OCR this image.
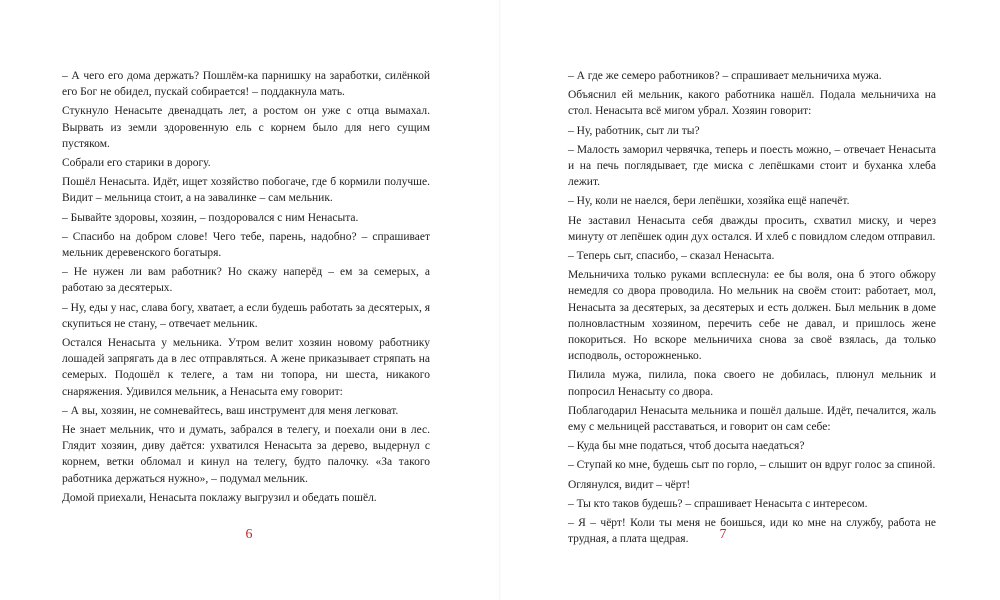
– А чего его дома держать? Пошлём-ка парнишку на заработки, силёнкой его Бог не обидел, пускай собирается! – поддакнула мать.

Стукнуло Ненасыте двенадцать лет, а ростом он уже с отца вымахал. Вырвать из земли здоровенную ель с корнем было для него сущим пустяком.

Собрали его старики в дорогу.

Пошёл Ненасыта. Идёт, ищет хозяйство побогаче, где б кормили получше. Видит – мельница стоит, а на завалинке – сам мельник.

– Бывайте здоровы, хозяин, – поздоровался с ним Ненасыта.

– Спасибо на добром слове! Чего тебе, парень, надобно? – спрашивает мельник деревенского богатыря.

– Не нужен ли вам работник? Но скажу наперёд – ем за семерых, а работаю за десятерых.

– Ну, еды у нас, слава богу, хватает, а если будешь работать за десятерых, я скупиться не стану, – отвечает мельник.

Остался Ненасыта у мельника. Утром велит хозяин новому работнику лошадей запрягать да в лес отправляться. А жене приказывает стряпать на семерых. Подошёл к телеге, а там ни топора, ни шеста, никакого снаряжения. Удивился мельник, а Ненасыта ему говорит:

– А вы, хозяин, не сомневайтесь, ваш инструмент для меня легковат.

Не знает мельник, что и думать, забрался в телегу, и поехали они в лес. Глядит хозяин, диву даётся: ухватился Ненасыта за дерево, выдернул с корнем, ветки обломал и кинул на телегу, будто палочку. «За такого работника держаться нужно», – подумал мельник.

Домой приехали, Ненасыта поклажу выгрузил и обедать пошёл.

6

– А где же семеро работников? – спрашивает мельничиха мужа.

Объяснил ей мельник, какого работника нашёл. Подала мельничиха на стол. Ненасыта всё мигом убрал. Хозяин говорит:

– Ну, работник, сыт ли ты?

– Малость заморил червячка, теперь и поесть можно, – отвечает Ненасыта и на печь поглядывает, где миска с лепёшками стоит и буханка хлеба лежит.

– Ну, коли не наелся, бери лепёшки, хозяйка ещё напечёт.

Не заставил Ненасыта себя дважды просить, схватил миску, и через минуту от лепёшек один дух остался. И хлеб с повидлом следом отправил.

– Теперь сыт, спасибо, – сказал Ненасыта.

Мельничиха только руками всплеснула: ее бы воля, она б этого обжору немедля со двора проводила. Но мельник на своём стоит: работает, мол, Ненасыта за десятерых, за десятерых и есть должен. Был мельник в доме полновластным хозяином, перечить себе не давал, и пришлось жене покориться. Но вскоре мельничиха снова за своё взялась, да только исподволь, осторожненько.

Пилила мужа, пилила, пока своего не добилась, плюнул мельник и попросил Ненасыту со двора.

Поблагодарил Ненасыта мельника и пошёл дальше. Идёт, печалится, жаль ему с мельницей расставаться, и говорит он сам себе:

– Куда бы мне податься, чтоб досыта наедаться?

– Ступай ко мне, будешь сыт по горло, – слышит он вдруг голос за спиной.

Оглянулся, видит – чёрт!

– Ты кто таков будешь? – спрашивает Ненасыта с интересом.

– Я – чёрт! Коли ты меня не боишься, иди ко мне на службу, работа не трудная, а плата щедрая.	7
